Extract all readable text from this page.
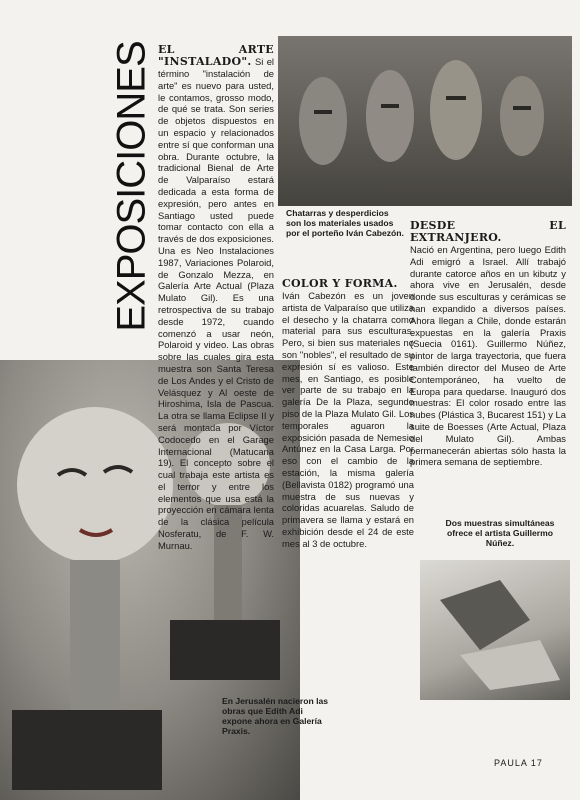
EXPOSICIONES EL ARTE "INSTALADO". Si el término "instalación de arte" es nuevo para usted, le contamos, grosso modo, de qué se trata. Son series de objetos dispuestos en un espacio y relacionados entre sí que conforman una obra. Durante octubre, la tradicional Bienal de Arte de Valparaíso estará dedicada a esta forma de expresión, pero antes en Santiago usted puede tomar contacto con ella a través de dos exposiciones. Una es Neo Instalaciones 1987, Variaciones Polaroid, de Gonzalo Mezza, en Galería Arte Actual (Plaza Mulato Gil). Es una retrospectiva de su trabajo desde 1972, cuando comenzó a usar neón, Polaroid y video. Las obras sobre las cuales gira esta muestra son Santa Teresa de Los Andes y el Cristo de Velásquez y Al oeste de Hiroshima, Isla de Pascua. La otra se llama Eclipse II y será montada por Víctor Codocedo en el Garage Internacional (Matucana 19). El concepto sobre el cual trabaja este artista es el terror y entre los elementos que usa está la proyección en cámara lenta de la clásica película Nosferatu, de F. W. Murnau.

COLOR Y FORMA.

Iván Cabezón es un joven artista de Valparaíso que utiliza el desecho y la chatarra como material para sus esculturas. Pero, si bien sus materiales no son "nobles", el resultado de su expresión sí es valioso. Este mes, en Santiago, es posible ver parte de su trabajo en la galería De la Plaza, segundo piso de la Plaza Mulato Gil. Los temporales aguaron la exposición pasada de Nemesio Antúnez en la Casa Larga. Por eso con el cambio de la estación, la misma galería (Bellavista 0182) programó una muestra de sus nuevas y coloridas acuarelas. Saludo de primavera se llama y estará en exhibición desde el 24 de este mes al 3 de octubre.

DESDE EL EXTRANJERO.

Nació en Argentina, pero luego Edith Adi emigró a Israel. Allí trabajó durante catorce años en un kibutz y ahora vive en Jerusalén, desde donde sus esculturas y cerámicas se han expandido a diversos países. Ahora llegan a Chile, donde estarán expuestas en la galería Praxis (Suecia 0161). Guillermo Núñez, pintor de larga trayectoria, que fuera también director del Museo de Arte Contemporáneo, ha vuelto de Europa para quedarse. Inauguró dos muestras: El color rosado entre las nubes (Plástica 3, Bucarest 151) y La suite de Boesses (Arte Actual, Plaza del Mulato Gil). Ambas permanecerán abiertas sólo hasta la primera semana de septiembre.

Chatarras y desperdicios son los materiales usados por el porteño Iván Cabezón.
En Jerusalén nacieron las obras que Edith Adi expone ahora en Galería Praxis.
Dos muestras simultáneas ofrece el artista Guillermo Núñez.
PAULA 17
